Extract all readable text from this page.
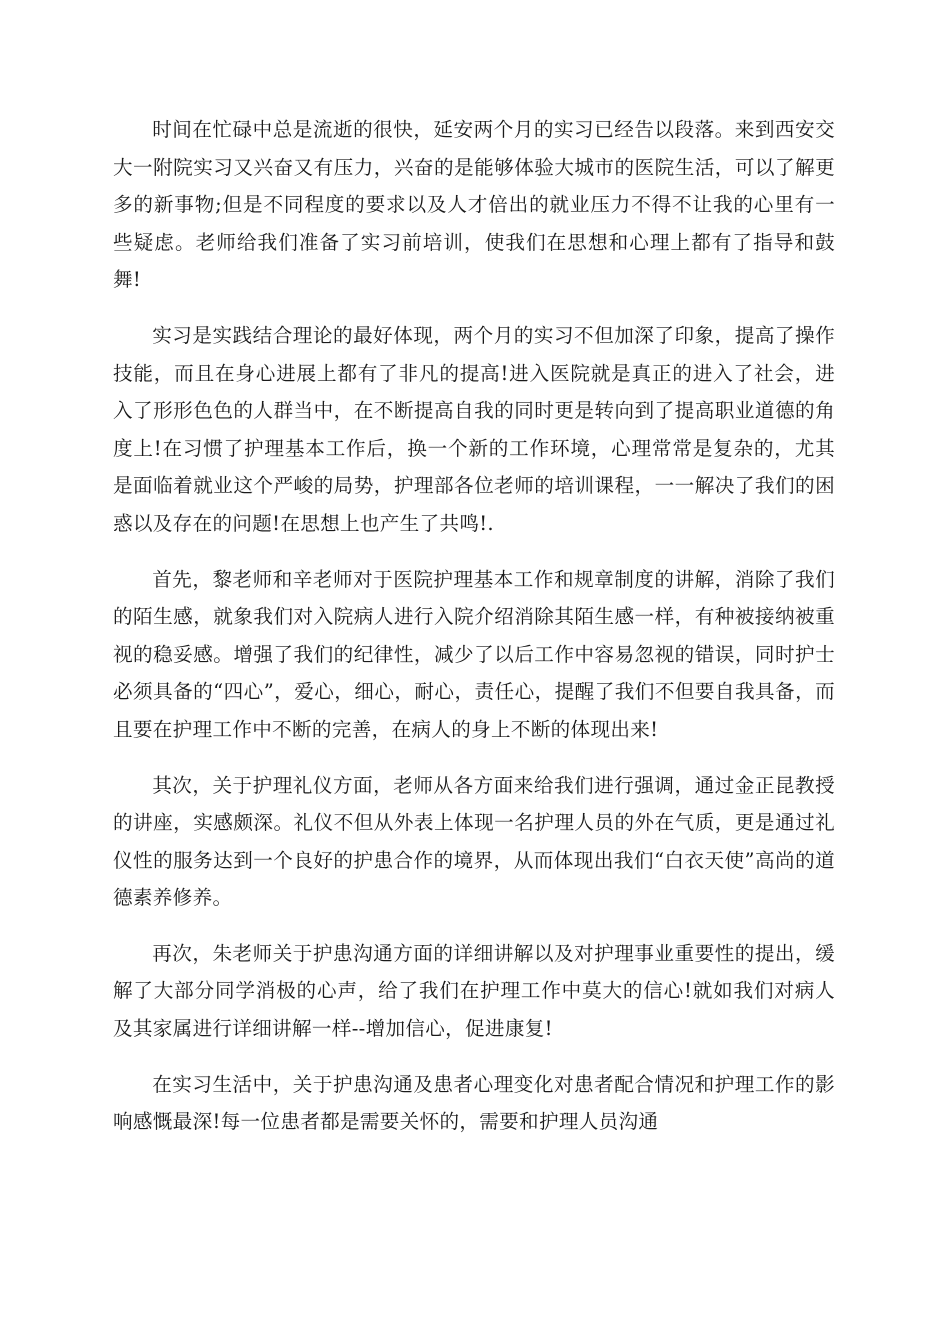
时间在忙碌中总是流逝的很快，延安两个月的实习已经告以段落。来到西安交大一附院实习又兴奋又有压力，兴奋的是能够体验大城市的医院生活，可以了解更多的新事物;但是不同程度的要求以及人才倍出的就业压力不得不让我的心里有一些疑虑。老师给我们准备了实习前培训，使我们在思想和心理上都有了指导和鼓舞!

实习是实践结合理论的最好体现，两个月的实习不但加深了印象，提高了操作技能，而且在身心进展上都有了非凡的提高!进入医院就是真正的进入了社会，进入了形形色色的人群当中，在不断提高自我的同时更是转向到了提高职业道德的角度上!在习惯了护理基本工作后，换一个新的工作环境，心理常常是复杂的，尤其是面临着就业这个严峻的局势，护理部各位老师的培训课程，一一解决了我们的困惑以及存在的问题!在思想上也产生了共鸣!.

首先，黎老师和辛老师对于医院护理基本工作和规章制度的讲解，消除了我们的陌生感，就象我们对入院病人进行入院介绍消除其陌生感一样，有种被接纳被重视的稳妥感。增强了我们的纪律性，减少了以后工作中容易忽视的错误，同时护士必须具备的“四心”，爱心，细心，耐心，责任心，提醒了我们不但要自我具备，而且要在护理工作中不断的完善，在病人的身上不断的体现出来!

其次，关于护理礼仪方面，老师从各方面来给我们进行强调，通过金正昆教授的讲座，实感颇深。礼仪不但从外表上体现一名护理人员的外在气质，更是通过礼仪性的服务达到一个良好的护患合作的境界，从而体现出我们“白衣天使”高尚的道德素养修养。

再次，朱老师关于护患沟通方面的详细讲解以及对护理事业重要性的提出，缓解了大部分同学消极的心声，给了我们在护理工作中莫大的信心!就如我们对病人及其家属进行详细讲解一样--增加信心，促进康复!

在实习生活中，关于护患沟通及患者心理变化对患者配合情况和护理工作的影响感慨最深!每一位患者都是需要关怀的，需要和护理人员沟通
